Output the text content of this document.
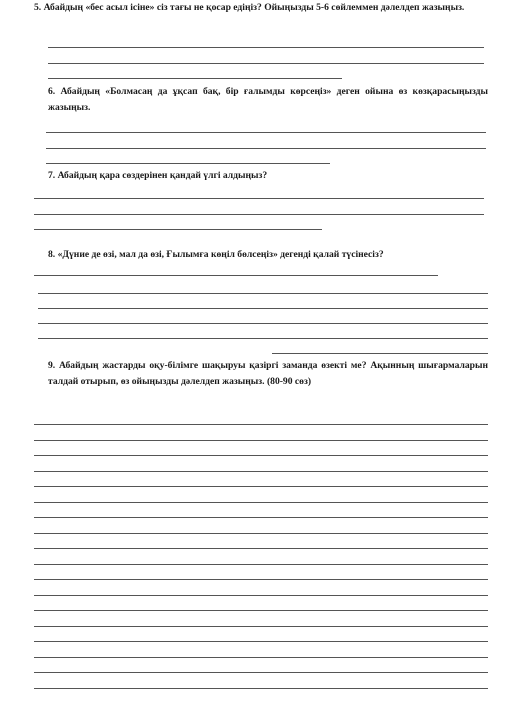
5. Абайдың «бес асыл ісіне» сіз тағы не қосар едіңіз? Ойыңызды 5-6 сөйлеммен дәлелдеп жазыңыз.
6. Абайдың «Болмасаң да ұқсап бақ, бір ғалымды көрсеңіз» деген ойына өз көзқарасыңызды жазыңыз.
7. Абайдың қара сөздерінен қандай үлгі алдыңыз?
8. «Дүние де өзі, мал да өзі, Ғылымға көңіл бөлсеңіз» дегенді қалай түсінесіз?
9. Абайдың жастарды оқу-білімге шақыруы қазіргі заманда өзекті ме? Ақынның шығармаларын талдай отырып, өз ойыңызды дәлелдеп жазыңыз. (80-90 сөз)
